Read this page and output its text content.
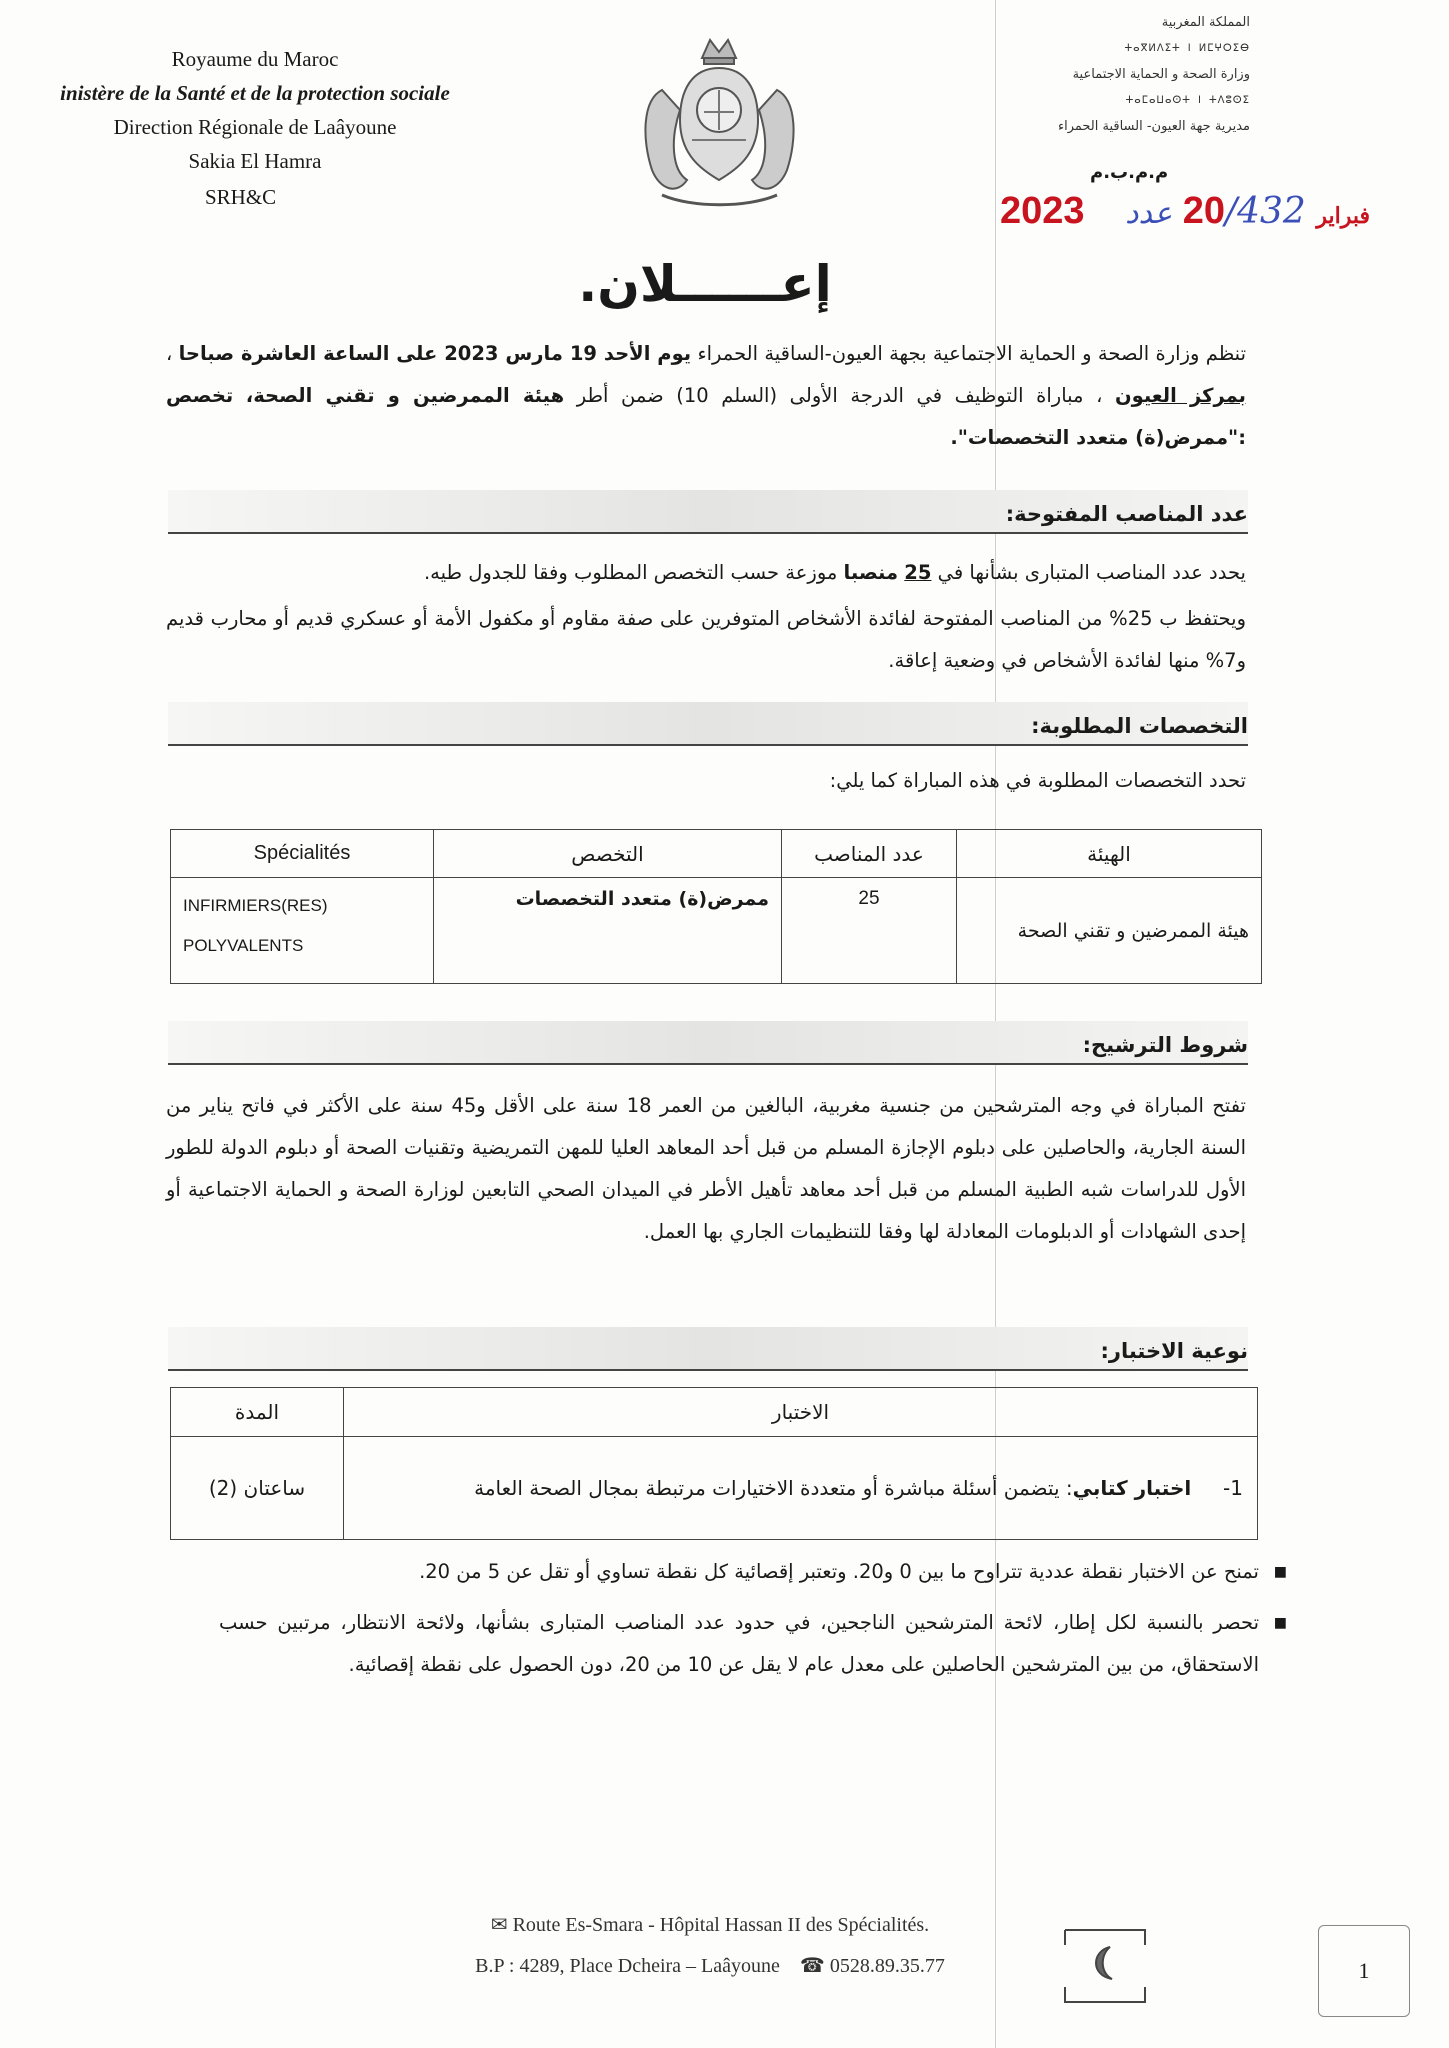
Royaume du Maroc
inistère de la Santé et de la protection sociale
Direction Régionale de Laâyoune
Sakia El Hamra
SRH&C
المملكة المغربية
ⵜⴰⴳⵍⴷⵉⵜ ⵏ ⵍⵎⵖⵔⵉⴱ
وزارة الصحة و الحماية الاجتماعية
ⵜⴰⵎⴰⵡⴰⵙⵜ ⵏ ⵜⴷⵓⵙⵉ
مديرية جهة العيون- الساقية الحمراء
م.م.ب.م
2023	فبراير 20/432 عدد
إعــــــلان.
تنظم وزارة الصحة و الحماية الاجتماعية بجهة العيون-الساقية الحمراء يوم الأحد 19 مارس 2023 على الساعة العاشرة صباحا ، بمركز العيون ، مباراة التوظيف في الدرجة الأولى (السلم 10) ضمن أطر هيئة الممرضين و تقني الصحة، تخصص :"ممرض(ة) متعدد التخصصات".
عدد المناصب المفتوحة:
يحدد عدد المناصب المتبارى بشأنها في 25 منصبا موزعة حسب التخصص المطلوب وفقا للجدول طيه.
ويحتفظ ب 25% من المناصب المفتوحة لفائدة الأشخاص المتوفرين على صفة مقاوم أو مكفول الأمة أو عسكري قديم أو محارب قديم و7% منها لفائدة الأشخاص في وضعية إعاقة.
التخصصات المطلوبة:
تحدد التخصصات المطلوبة في هذه المباراة كما يلي:
Spécialités	التخصص	عدد المناصب	الهيئة

INFIRMIERS(RES)
POLYVALENTS	ممرض(ة) متعدد التخصصات	25	هيئة الممرضين و تقني الصحة
شروط الترشيح:
تفتح المباراة في وجه المترشحين من جنسية مغربية، البالغين من العمر 18 سنة على الأقل و45 سنة على الأكثر في فاتح يناير من السنة الجارية، والحاصلين على دبلوم الإجازة المسلم من قبل أحد المعاهد العليا للمهن التمريضية وتقنيات الصحة أو دبلوم الدولة للطور الأول للدراسات شبه الطبية المسلم من قبل أحد معاهد تأهيل الأطر في الميدان الصحي التابعين لوزارة الصحة و الحماية الاجتماعية أو إحدى الشهادات أو الدبلومات المعادلة لها وفقا للتنظيمات الجاري بها العمل.
نوعية الاختبار:
المدة	الاختبار
ساعتان (2)	1-     اختبار كتابي: يتضمن أسئلة مباشرة أو متعددة الاختيارات مرتبطة بمجال الصحة العامة
■ تمنح عن الاختبار نقطة عددية تتراوح ما بين 0 و20. وتعتبر إقصائية كل نقطة تساوي أو تقل عن 5 من 20.
■ تحصر بالنسبة لكل إطار، لائحة المترشحين الناجحين، في حدود عدد المناصب المتبارى بشأنها، ولائحة الانتظار، مرتبين حسب الاستحقاق، من بين المترشحين الحاصلين على معدل عام لا يقل عن 10 من 20، دون الحصول على نقطة إقصائية.
✉ Route Es-Smara - Hôpital Hassan II des Spécialités.
B.P : 4289, Place Dcheira – Laâyoune ☎ 0528.89.35.77	1
